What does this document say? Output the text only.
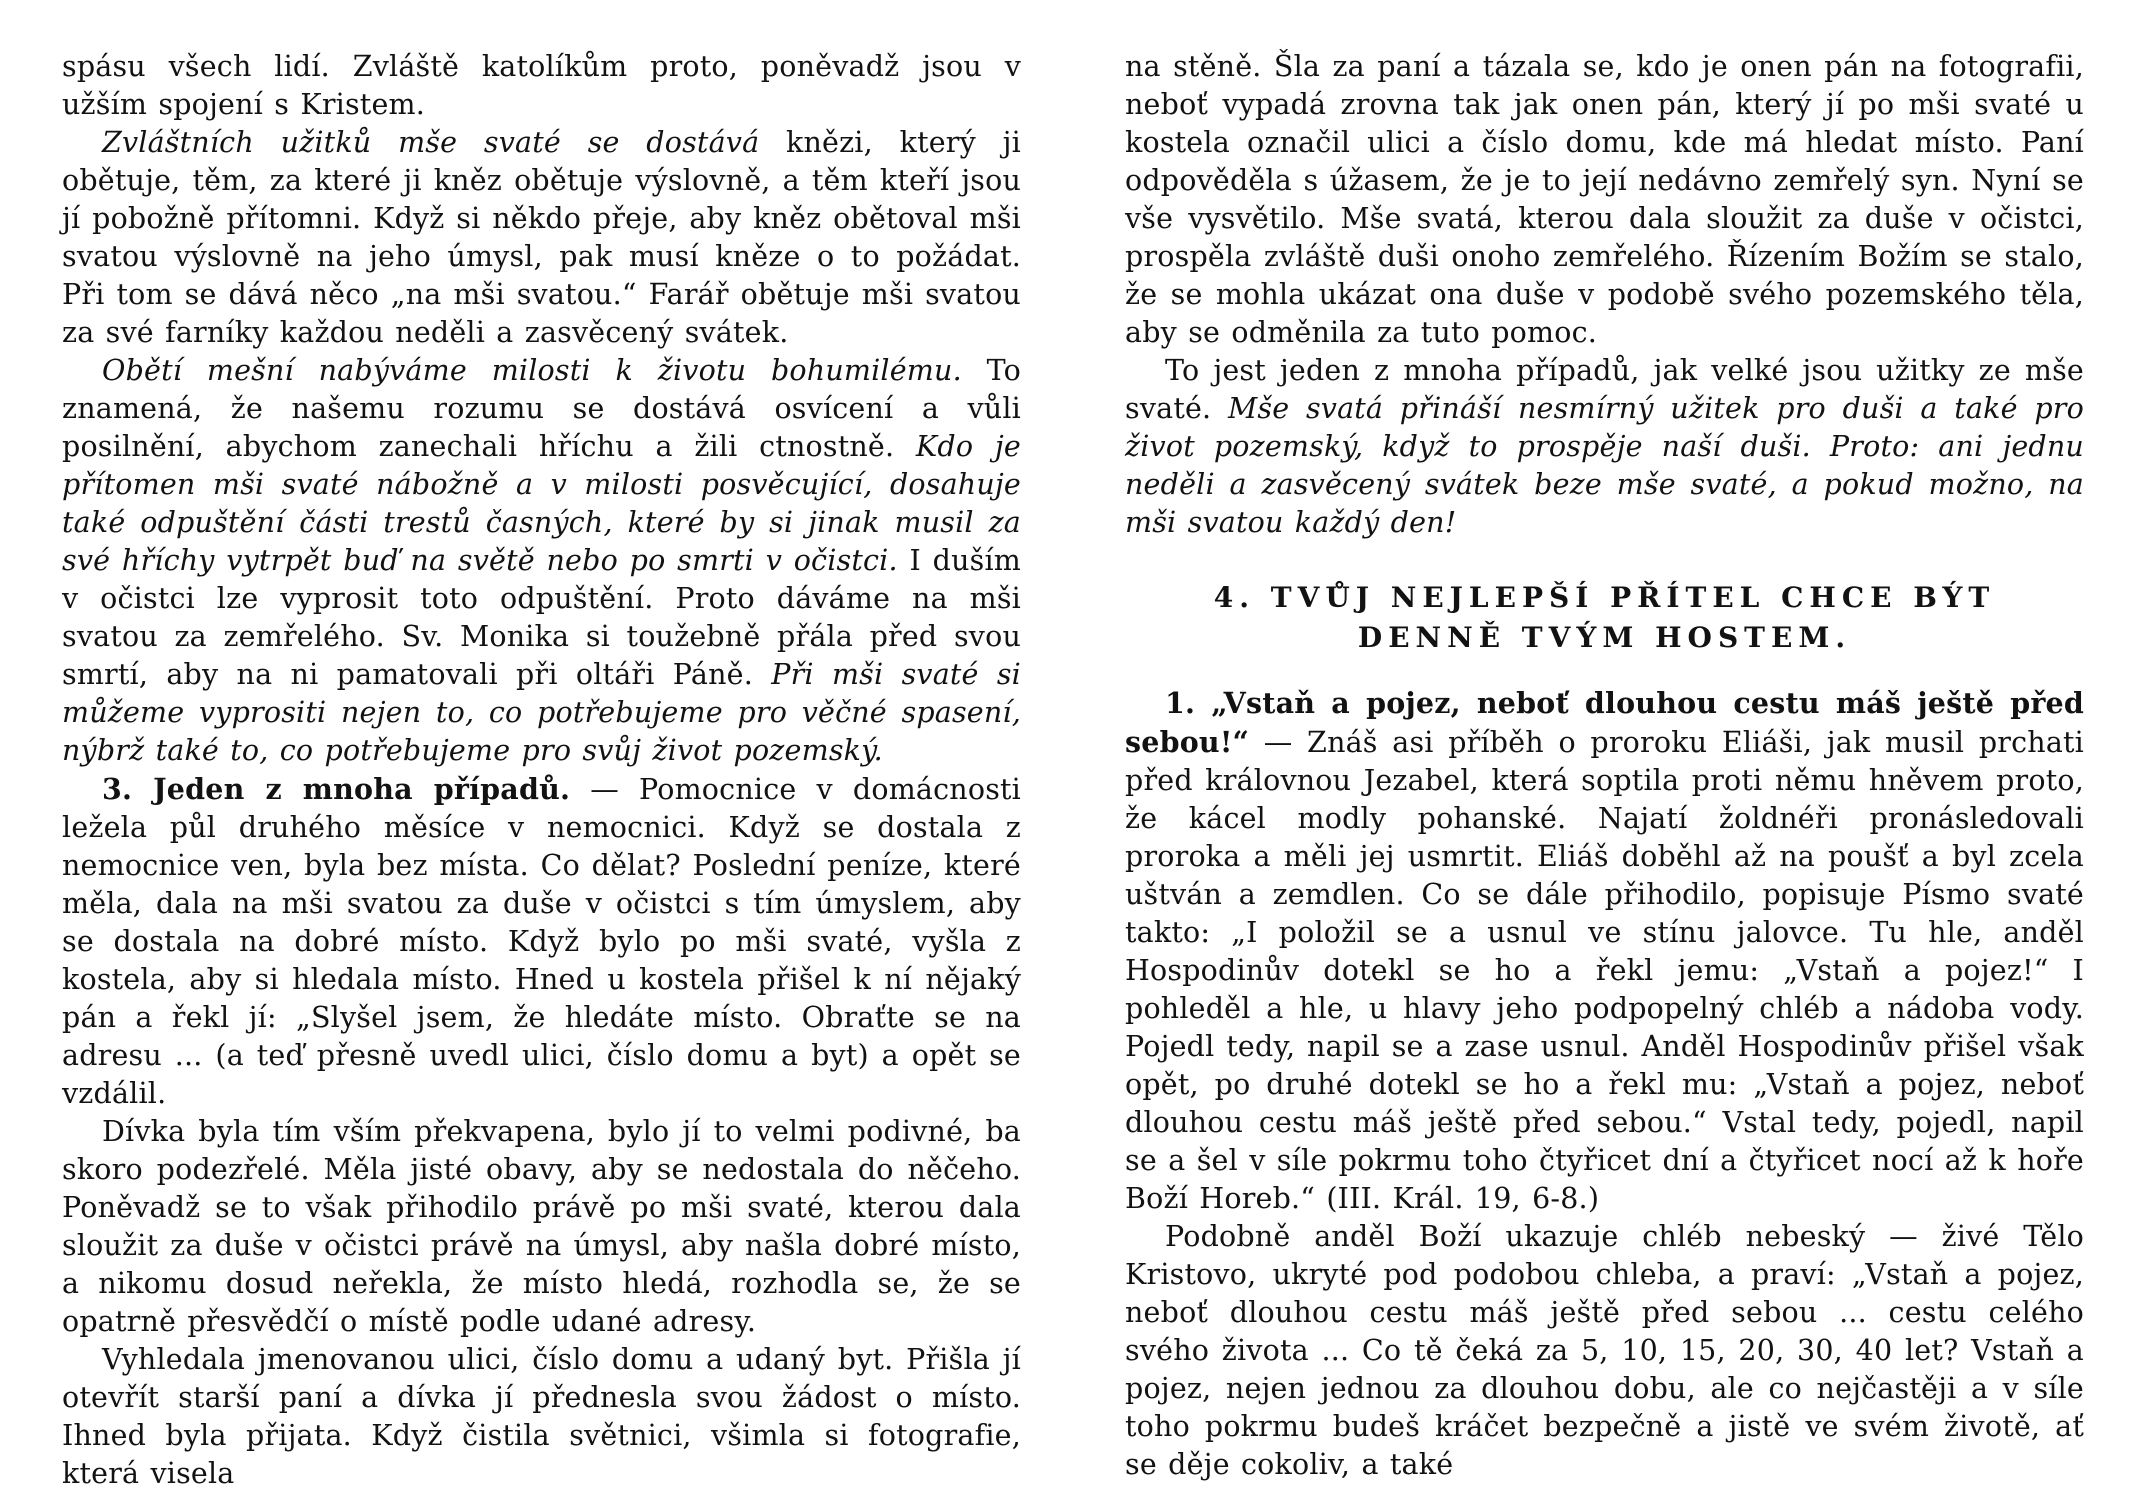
spásu všech lidí. Zvláště katolíkům proto, poněvadž jsou v užším spojení s Kristem.

Zvláštních užitků mše svaté se dostává knězi, který ji obětuje, těm, za které ji kněz obětuje výslovně, a těm kteří jsou jí pobožně přítomni. Když si někdo přeje, aby kněz obětoval mši svatou výslovně na jeho úmysl, pak musí kněze o to požádat. Při tom se dává něco „na mši svatou.“ Farář obětuje mši svatou za své farníky každou neděli a zasvěcený svátek.

Obětí mešní nabýváme milosti k životu bohumilému. To znamená, že našemu rozumu se dostává osvícení a vůli posilnění, abychom zanechali hříchu a žili ctnostně. Kdo je přítomen mši svaté nábožně a v milosti posvěcující, dosahuje také odpuštění části trestů časných, které by si jinak musil za své hříchy vytrpět buď na světě nebo po smrti v očistci. I duším v očistci lze vyprosit toto odpuštění. Proto dáváme na mši svatou za zemřelého. Sv. Monika si toužebně přála před svou smrtí, aby na ni pamatovali při oltáři Páně. Při mši svaté si můžeme vyprositi nejen to, co potřebujeme pro věčné spasení, nýbrž také to, co potřebujeme pro svůj život pozemský.

3. Jeden z mnoha případů. — Pomocnice v domácnosti ležela půl druhého měsíce v nemocnici. Když se dostala z nemocnice ven, byla bez místa. Co dělat? Poslední peníze, které měla, dala na mši svatou za duše v očistci s tím úmyslem, aby se dostala na dobré místo. Když bylo po mši svaté, vyšla z kostela, aby si hledala místo. Hned u kostela přišel k ní nějaký pán a řekl jí: „Slyšel jsem, že hledáte místo. Obraťte se na adresu ... (a teď přesně uvedl ulici, číslo domu a byt) a opět se vzdálil.

Dívka byla tím vším překvapena, bylo jí to velmi podivné, ba skoro podezřelé. Měla jisté obavy, aby se nedostala do něčeho. Poněvadž se to však přihodilo právě po mši svaté, kterou dala sloužit za duše v očistci právě na úmysl, aby našla dobré místo, a nikomu dosud neřekla, že místo hledá, rozhodla se, že se opatrně přesvědčí o místě podle udané adresy.

Vyhledala jmenovanou ulici, číslo domu a udaný byt. Přišla jí otevřít starší paní a dívka jí přednesla svou žádost o místo. Ihned byla přijata. Když čistila světnici, všimla si fotografie, která visela

na stěně. Šla za paní a tázala se, kdo je onen pán na fotografii, neboť vypadá zrovna tak jak onen pán, který jí po mši svaté u kostela označil ulici a číslo domu, kde má hledat místo. Paní odpověděla s úžasem, že je to její nedávno zemřelý syn. Nyní se vše vysvětilo. Mše svatá, kterou dala sloužit za duše v očistci, prospěla zvláště duši onoho zemřelého. Řízením Božím se stalo, že se mohla ukázat ona duše v podobě svého pozemského těla, aby se odměnila za tuto pomoc.

To jest jeden z mnoha případů, jak velké jsou užitky ze mše svaté. Mše svatá přináší nesmírný užitek pro duši a také pro život pozemský, když to prospěje naší duši. Proto: ani jednu neděli a zasvěcený svátek beze mše svaté, a pokud možno, na mši svatou každý den!

4. TVŮJ NEJLEPŠÍ PŘÍTEL CHCE BÝT
DENNĚ TVÝM HOSTEM.

1. „Vstaň a pojez, neboť dlouhou cestu máš ještě před sebou!“ — Znáš asi příběh o proroku Eliáši, jak musil prchati před královnou Jezabel, která soptila proti němu hněvem proto, že kácel modly pohanské. Najatí žoldnéři pronásledovali proroka a měli jej usmrtit. Eliáš doběhl až na poušť a byl zcela uštván a zemdlen. Co se dále přihodilo, popisuje Písmo svaté takto: „I položil se a usnul ve stínu jalovce. Tu hle, anděl Hospodinův dotekl se ho a řekl jemu: „Vstaň a pojez!“ I pohleděl a hle, u hlavy jeho podpopelný chléb a nádoba vody. Pojedl tedy, napil se a zase usnul. Anděl Hospodinův přišel však opět, po druhé dotekl se ho a řekl mu: „Vstaň a pojez, neboť dlouhou cestu máš ještě před sebou.“ Vstal tedy, pojedl, napil se a šel v síle pokrmu toho čtyřicet dní a čtyřicet nocí až k hoře Boží Horeb.“ (III. Král. 19, 6-8.)

Podobně anděl Boží ukazuje chléb nebeský — živé Tělo Kristovo, ukryté pod podobou chleba, a praví: „Vstaň a pojez, neboť dlouhou cestu máš ještě před sebou ... cestu celého svého života ... Co tě čeká za 5, 10, 15, 20, 30, 40 let? Vstaň a pojez, nejen jednou za dlouhou dobu, ale co nejčastěji a v síle toho pokrmu budeš kráčet bezpečně a jistě ve svém životě, ať se děje cokoliv, a také
